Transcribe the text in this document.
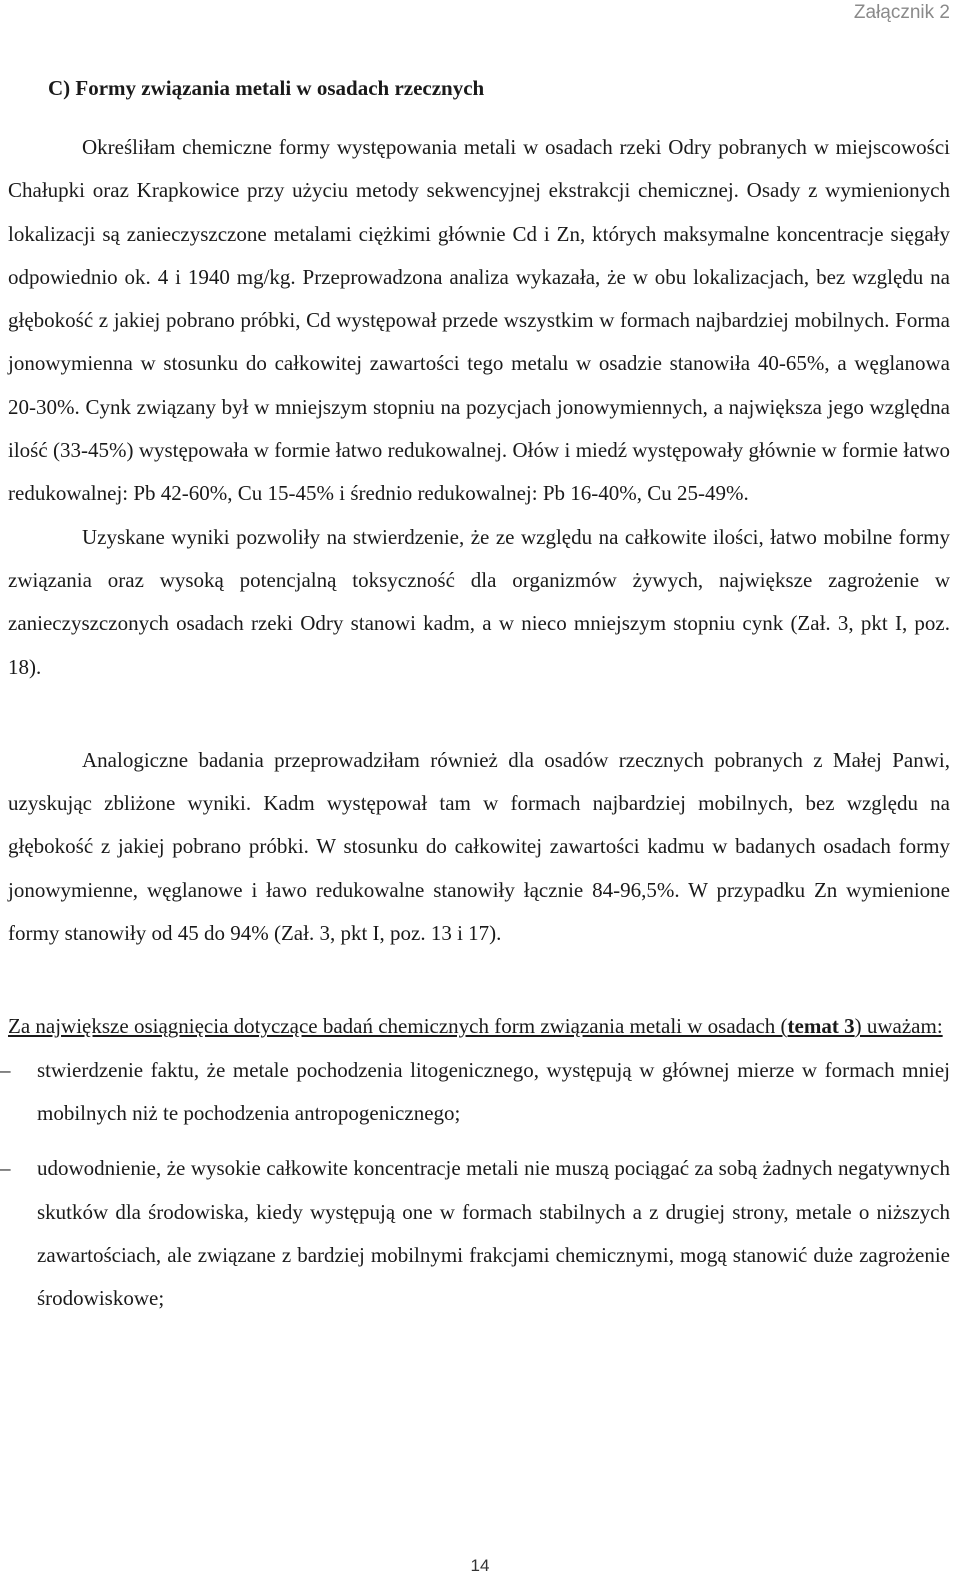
Załącznik 2
C) Formy związania metali w osadach rzecznych

Określiłam chemiczne formy występowania metali w osadach rzeki Odry pobranych w miejscowości Chałupki oraz Krapkowice przy użyciu metody sekwencyjnej ekstrakcji chemicznej. Osady z wymienionych lokalizacji są zanieczyszczone metalami ciężkimi głównie Cd i Zn, których maksymalne koncentracje sięgały odpowiednio ok. 4 i 1940 mg/kg. Przeprowadzona analiza wykazała, że w obu lokalizacjach, bez względu na głębokość z jakiej pobrano próbki, Cd występował przede wszystkim w formach najbardziej mobilnych. Forma jonowymienna w stosunku do całkowitej zawartości tego metalu w osadzie stanowiła 40-65%, a węglanowa 20-30%. Cynk związany był w mniejszym stopniu na pozycjach jonowymiennych, a największa jego względna ilość (33-45%) występowała w formie łatwo redukowalnej. Ołów i miedź występowały głównie w formie łatwo redukowalnej: Pb 42-60%, Cu 15-45% i średnio redukowalnej: Pb 16-40%, Cu 25-49%.

Uzyskane wyniki pozwoliły na stwierdzenie, że ze względu na całkowite ilości, łatwo mobilne formy związania oraz wysoką potencjalną toksyczność dla organizmów żywych, największe zagrożenie w zanieczyszczonych osadach rzeki Odry stanowi kadm, a w nieco mniejszym stopniu cynk (Zał. 3, pkt I, poz. 18).

Analogiczne badania przeprowadziłam również dla osadów rzecznych pobranych z Małej Panwi, uzyskując zbliżone wyniki. Kadm występował tam w formach najbardziej mobilnych, bez względu na głębokość z jakiej pobrano próbki. W stosunku do całkowitej zawartości kadmu w badanych osadach formy jonowymienne, węglanowe i ławo redukowalne stanowiły łącznie 84-96,5%. W przypadku Zn wymienione formy stanowiły od 45 do 94% (Zał. 3, pkt I, poz. 13 i 17).

Za największe osiągnięcia dotyczące badań chemicznych form związania metali w osadach (temat 3) uważam:

–	stwierdzenie faktu, że metale pochodzenia litogenicznego, występują w głównej mierze w formach mniej mobilnych niż te pochodzenia antropogenicznego;
–	udowodnienie, że wysokie całkowite koncentracje metali nie muszą pociągać za sobą żadnych negatywnych skutków dla środowiska, kiedy występują one w formach stabilnych a z drugiej strony, metale o niższych zawartościach, ale związane z bardziej mobilnymi frakcjami chemicznymi, mogą stanowić duże zagrożenie środowiskowe;
14
